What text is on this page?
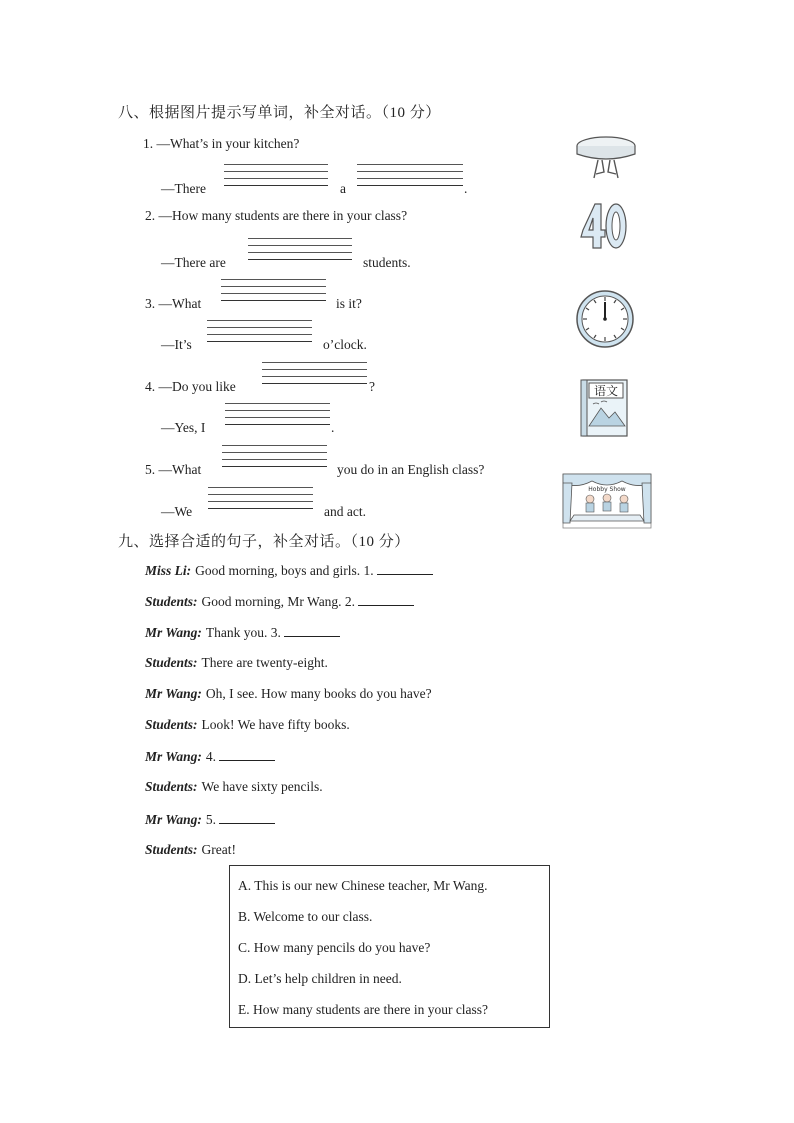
八、根据图片提示写单词，补全对话。（10 分）
1. —What’s in your kitchen?
—There	a	.
2. —How many students are there in your class?
—There are	students.
3. —What	is it?
—It’s	o’clock.
4. —Do you like	?
—Yes, I	.
5. —What	you do in an English class?
—We	and act.
语文
Hobby Show
九、选择合适的句子，补全对话。（10 分）
Miss Li: Good morning, boys and girls. 1.
Students: Good morning, Mr Wang. 2.
Mr Wang: Thank you. 3.
Students: There are twenty-eight.
Mr Wang: Oh, I see. How many books do you have?
Students: Look! We have fifty books.
Mr Wang: 4.
Students: We have sixty pencils.
Mr Wang: 5.
Students: Great!
A. This is our new Chinese teacher, Mr Wang.
B. Welcome to our class.
C. How many pencils do you have?
D. Let’s help children in need.
E. How many students are there in your class?
